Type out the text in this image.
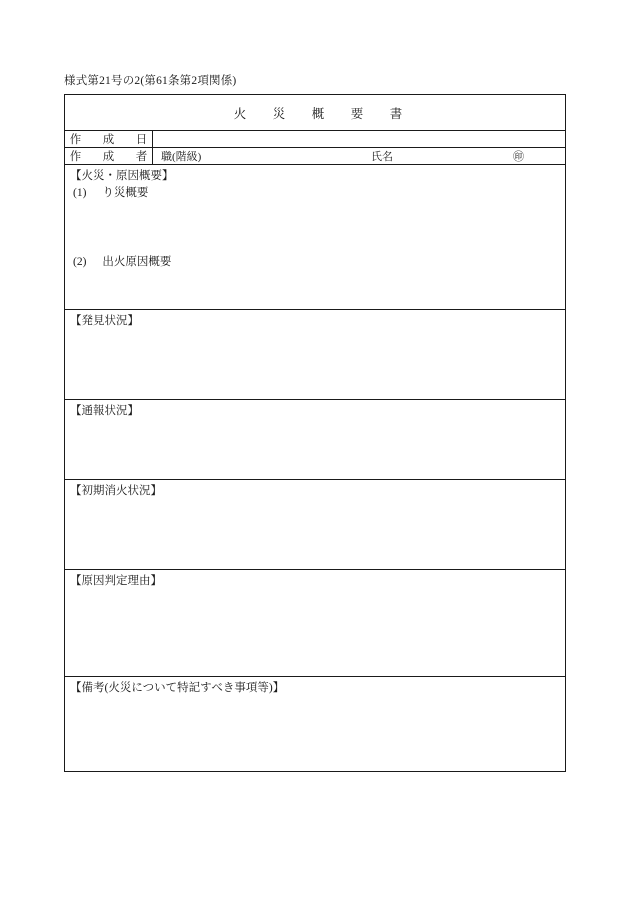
様式第21号の2(第61条第2項関係)
火　災　概　要　書
作　成　日
作　成　者 職(階級)	氏名	㊞
【火災・原因概要】
(1) り災概要
(2) 出火原因概要
【発見状況】
【通報状況】
【初期消火状況】
【原因判定理由】
【備考(火災について特記すべき事項等)】
